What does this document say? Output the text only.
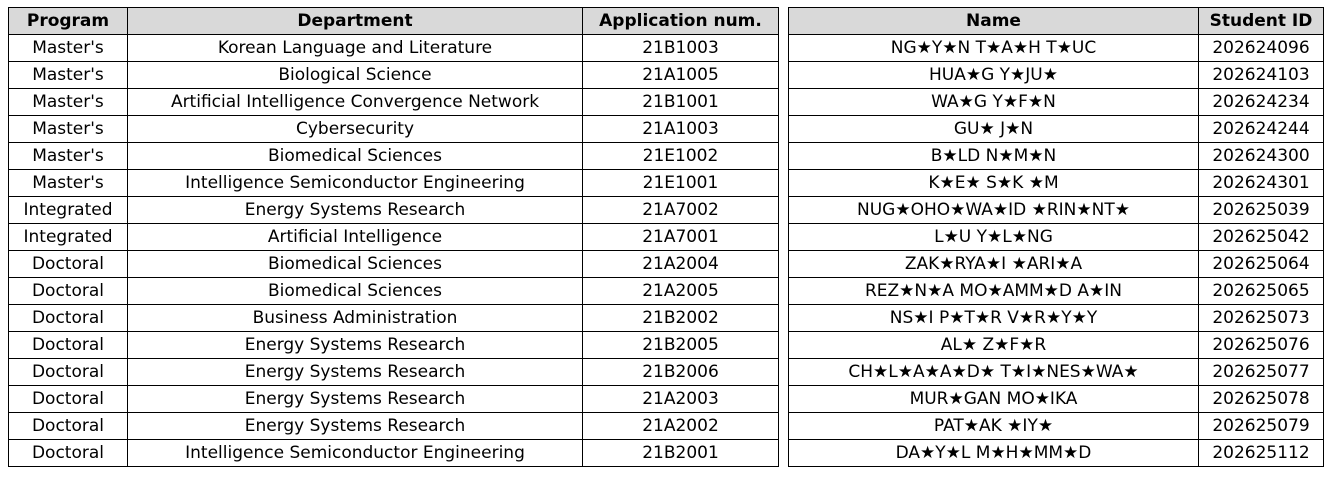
Program	Department	Application num.
Master's	Korean Language and Literature	21B1003
Master's	Biological Science	21A1005
Master's	Artificial Intelligence Convergence Network	21B1001
Master's	Cybersecurity	21A1003
Master's	Biomedical Sciences	21E1002
Master's	Intelligence Semiconductor Engineering	21E1001
Integrated	Energy Systems Research	21A7002
Integrated	Artificial Intelligence	21A7001
Doctoral	Biomedical Sciences	21A2004
Doctoral	Biomedical Sciences	21A2005
Doctoral	Business Administration	21B2002
Doctoral	Energy Systems Research	21B2005
Doctoral	Energy Systems Research	21B2006
Doctoral	Energy Systems Research	21A2003
Doctoral	Energy Systems Research	21A2002
Doctoral	Intelligence Semiconductor Engineering	21B2001
Name	Student ID
NG★Y★N T★A★H T★UC	202624096
HUA★G Y★JU★	202624103
WA★G Y★F★N	202624234
GU★ J★N	202624244
B★LD N★M★N	202624300
K★E★ S★K ★M	202624301
NUG★OHO★WA★ID ★RIN★NT★	202625039
L★U Y★L★NG	202625042
ZAK★RYA★I ★ARI★A	202625064
REZ★N★A MO★AMM★D A★IN	202625065
NS★I P★T★R V★R★Y★Y	202625073
AL★ Z★F★R	202625076
CH★L★A★A★D★ T★I★NES★WA★	202625077
MUR★GAN MO★IKA	202625078
PAT★AK ★IY★	202625079
DA★Y★L M★H★MM★D	202625112
